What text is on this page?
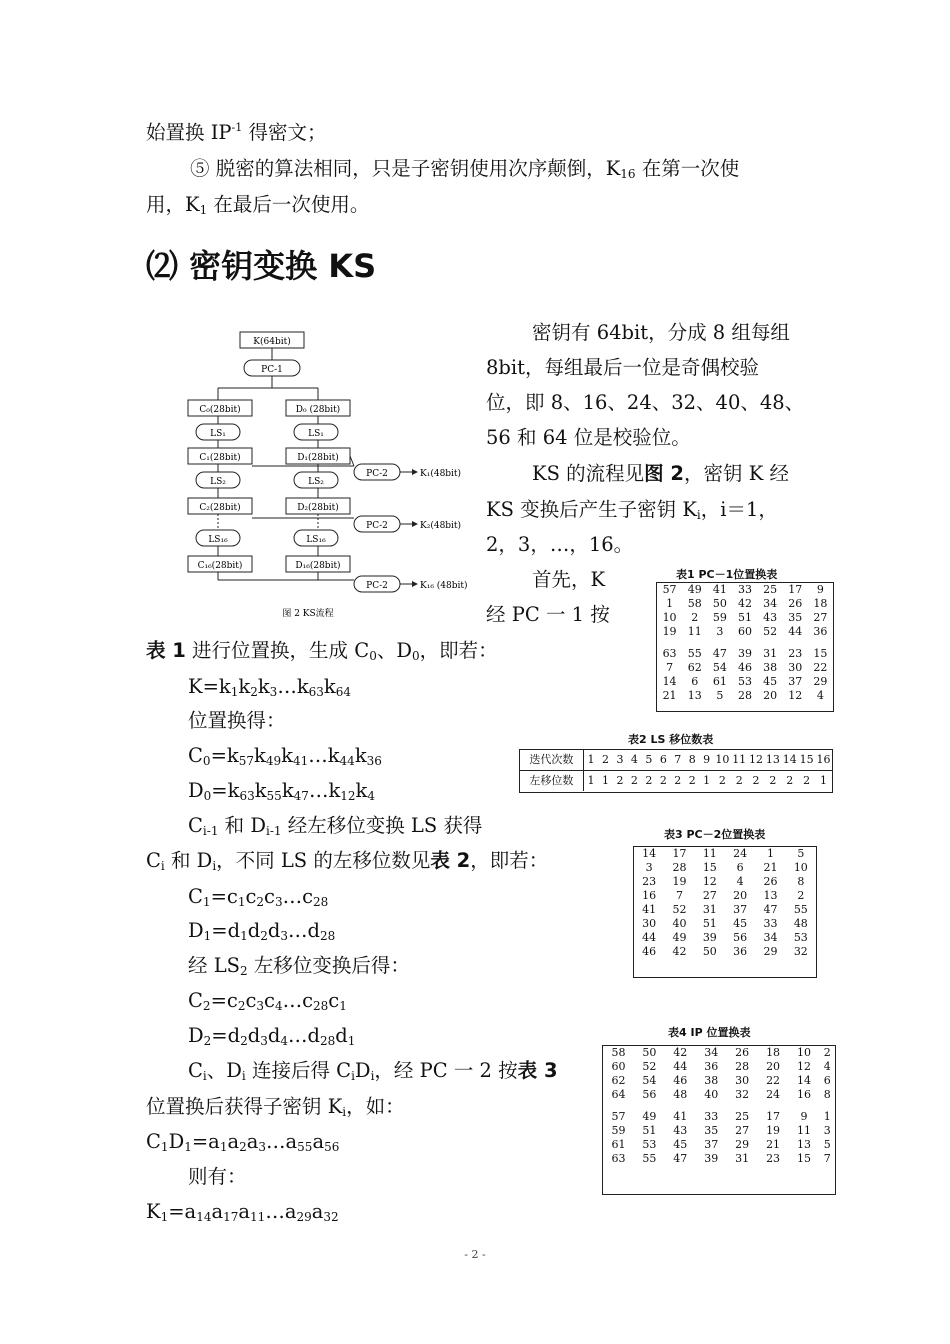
始置换 $IP^{-1}$ 得密文；
⑤ 脱密的算法相同，只是子密钥使用次序颠倒，$K_{16}$ 在第一次使
用，$K_1$ 在最后一次使用。
⑵ 密钥变换 KS
K(64bit)
PC-1
C₀(28bit)	D₀ (28bit)
LS₁	LS₁
C₁(28bit)	D₁(28bit)
PC-2	K₁(48bit)
LS₂	LS₂
C₂(28bit)	D₂(28bit)
PC-2	K₂(48bit)
LS₁₆	LS₁₆
C₁₆(28bit)	D₁₆(28bit)
PC-2	K₁₆ (48bit)
图 2 KS流程
密钥有 64bit，分成 8 组每组
8bit，每组最后一位是奇偶校验
位，即 8、16、24、32、40、48、
56 和 64 位是校验位。
KS 的流程见图 2，密钥 K 经
KS 变换后产生子密钥 $K_i$，i＝1，
2，3，…，16。
首先，K
经 PC 一 1 按
表 1 进行位置换，生成 $C_0$、$D_0$，即若：
$K=k_1k_2k_3\dots k_{63}k_{64}$
位置换得：
$C_0=k_{57}k_{49}k_{41}\dots k_{44}k_{36}$
$D_0=k_{63}k_{55}k_{47}\dots k_{12}k_4$
$C_{i-1}$ 和 $D_{i-1}$ 经左移位变换 LS 获得
$C_i$ 和 $D_i$，不同 LS 的左移位数见表 2，即若：
$C_1=c_1c_2c_3\dots c_{28}$
$D_1=d_1d_2d_3\dots d_{28}$
经 $LS_2$ 左移位变换后得：
$C_2=c_2c_3c_4\dots c_{28}c_1$
$D_2=d_2d_3d_4\dots d_{28}d_1$
$C_i$、$D_i$ 连接后得 $C_iD_i$，经 PC 一 2 按表 3
位置换后获得子密钥 $K_i$，如：
$C_1D_1=a_1a_2a_3\dots a_{55}a_{56}$
则有：
$K_1=a_{14}a_{17}a_{11}\dots a_{29}a_{32}$
表1 PC－1位置换表
57	49	41	33	25	17	9
1	58	50	42	34	26	18
10	2	59	51	43	35	27
19	11	3	60	52	44	36
63	55	47	39	31	23	15
7	62	54	46	38	30	22
14	6	61	53	45	37	29
21	13	5	28	20	12	4
表2 LS 移位数表
迭代次数	1	2	3	4	5	6	7	8	9	10	11	12	13	14	15	16
左移位数	1	1	2	2	2	2	2	2	1	2	2	2	2	2	2	1
表3 PC－2位置换表
14	17	11	24	1	5
3	28	15	6	21	10
23	19	12	4	26	8
16	7	27	20	13	2
41	52	31	37	47	55
30	40	51	45	33	48
44	49	39	56	34	53
46	42	50	36	29	32
表4 IP 位置换表
58	50	42	34	26	18	10	2
60	52	44	36	28	20	12	4
62	54	46	38	30	22	14	6
64	56	48	40	32	24	16	8
57	49	41	33	25	17	9	1
59	51	43	35	27	19	11	3
61	53	45	37	29	21	13	5
63	55	47	39	31	23	15	7
- 2 -
